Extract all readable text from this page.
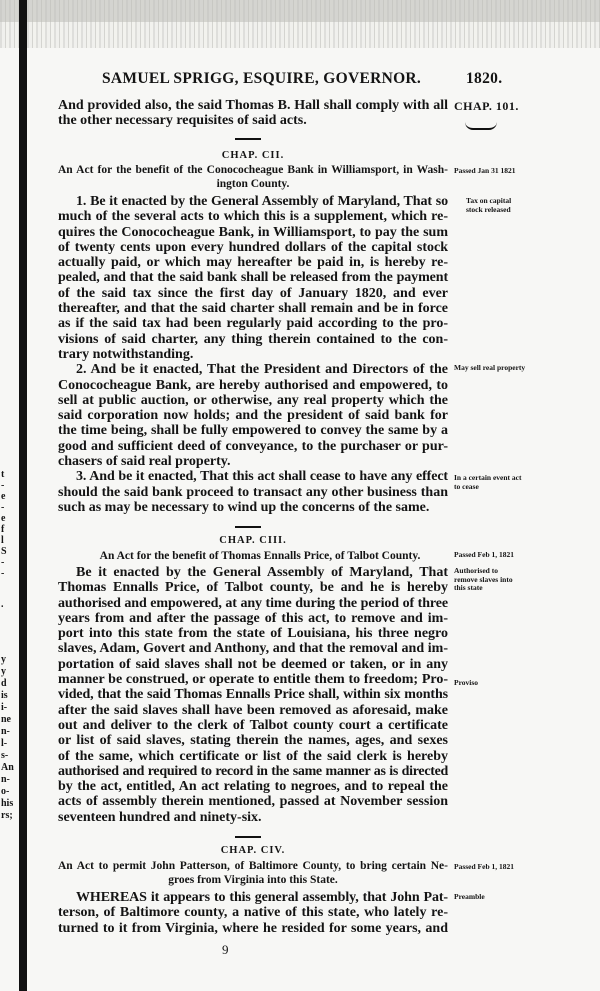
t
-
e
-
e
f
l
S
-
-
.
y
y
d
is
i-
ne
n-
l-
s-
An
n-
o-
his
rs;
SAMUEL SPRIGG, ESQUIRE, GOVERNOR.	1820.
And provided also, the said Thomas B. Hall shall comply with all
the other necessary requisites of said acts.
CHAP. 101.
CHAP. CII.
An Act for the benefit of the Conococheague Bank in Williamsport, in Wash-
ington County.
Passed Jan 31 1821
1. Be it enacted by the General Assembly of Maryland, That so
much of the several acts to which this is a supplement, which re-
quires the Conococheague Bank, in Williamsport, to pay the sum
of twenty cents upon every hundred dollars of the capital stock
actually paid, or which may hereafter be paid in, is hereby re-
pealed, and that the said bank shall be released from the payment
of the said tax since the first day of January 1820, and ever
thereafter, and that the said charter shall remain and be in force
as if the said tax had been regularly paid according to the pro-
visions of said charter, any thing therein contained to the con-
trary notwithstanding.
2. And be it enacted, That the President and Directors of the
Conococheague Bank, are hereby authorised and empowered, to
sell at public auction, or otherwise, any real property which the
said corporation now holds; and the president of said bank for
the time being, shall be fully empowered to convey the same by a
good and sufficient deed of conveyance, to the purchaser or pur-
chasers of said real property.
3. And be it enacted, That this act shall cease to have any effect
should the said bank proceed to transact any other business than
such as may be necessary to wind up the concerns of the same.
Tax on capital stock released
May sell real property
In a certain event act to cease
CHAP. CIII.
An Act for the benefit of Thomas Ennalls Price, of Talbot County.	Passed Feb 1, 1821
Be it enacted by the General Assembly of Maryland, That
Thomas Ennalls Price, of Talbot county, be and he is hereby
authorised and empowered, at any time during the period of three
years from and after the passage of this act, to remove and im-
port into this state from the state of Louisiana, his three negro
slaves, Adam, Govert and Anthony, and that the removal and im-
portation of said slaves shall not be deemed or taken, or in any
manner be construed, or operate to entitle them to freedom; Pro-
vided, that the said Thomas Ennalls Price shall, within six months
after the said slaves shall have been removed as aforesaid, make
out and deliver to the clerk of Talbot county court a certificate
or list of said slaves, stating therein the names, ages, and sexes
of the same, which certificate or list of the said clerk is hereby
authorised and required to record in the same manner as is directed
by the act, entitled, An act relating to negroes, and to repeal the
acts of assembly therein mentioned, passed at November session
seventeen hundred and ninety-six.
Authorised to remove slaves into this state
Proviso
CHAP. CIV.
An Act to permit John Patterson, of Baltimore County, to bring certain Ne-
groes from Virginia into this State.
Passed Feb 1, 1821
WHEREAS it appears to this general assembly, that John Pat-
terson, of Baltimore county, a native of this state, who lately re-
turned to it from Virginia, where he resided for some years, and
Preamble
9
